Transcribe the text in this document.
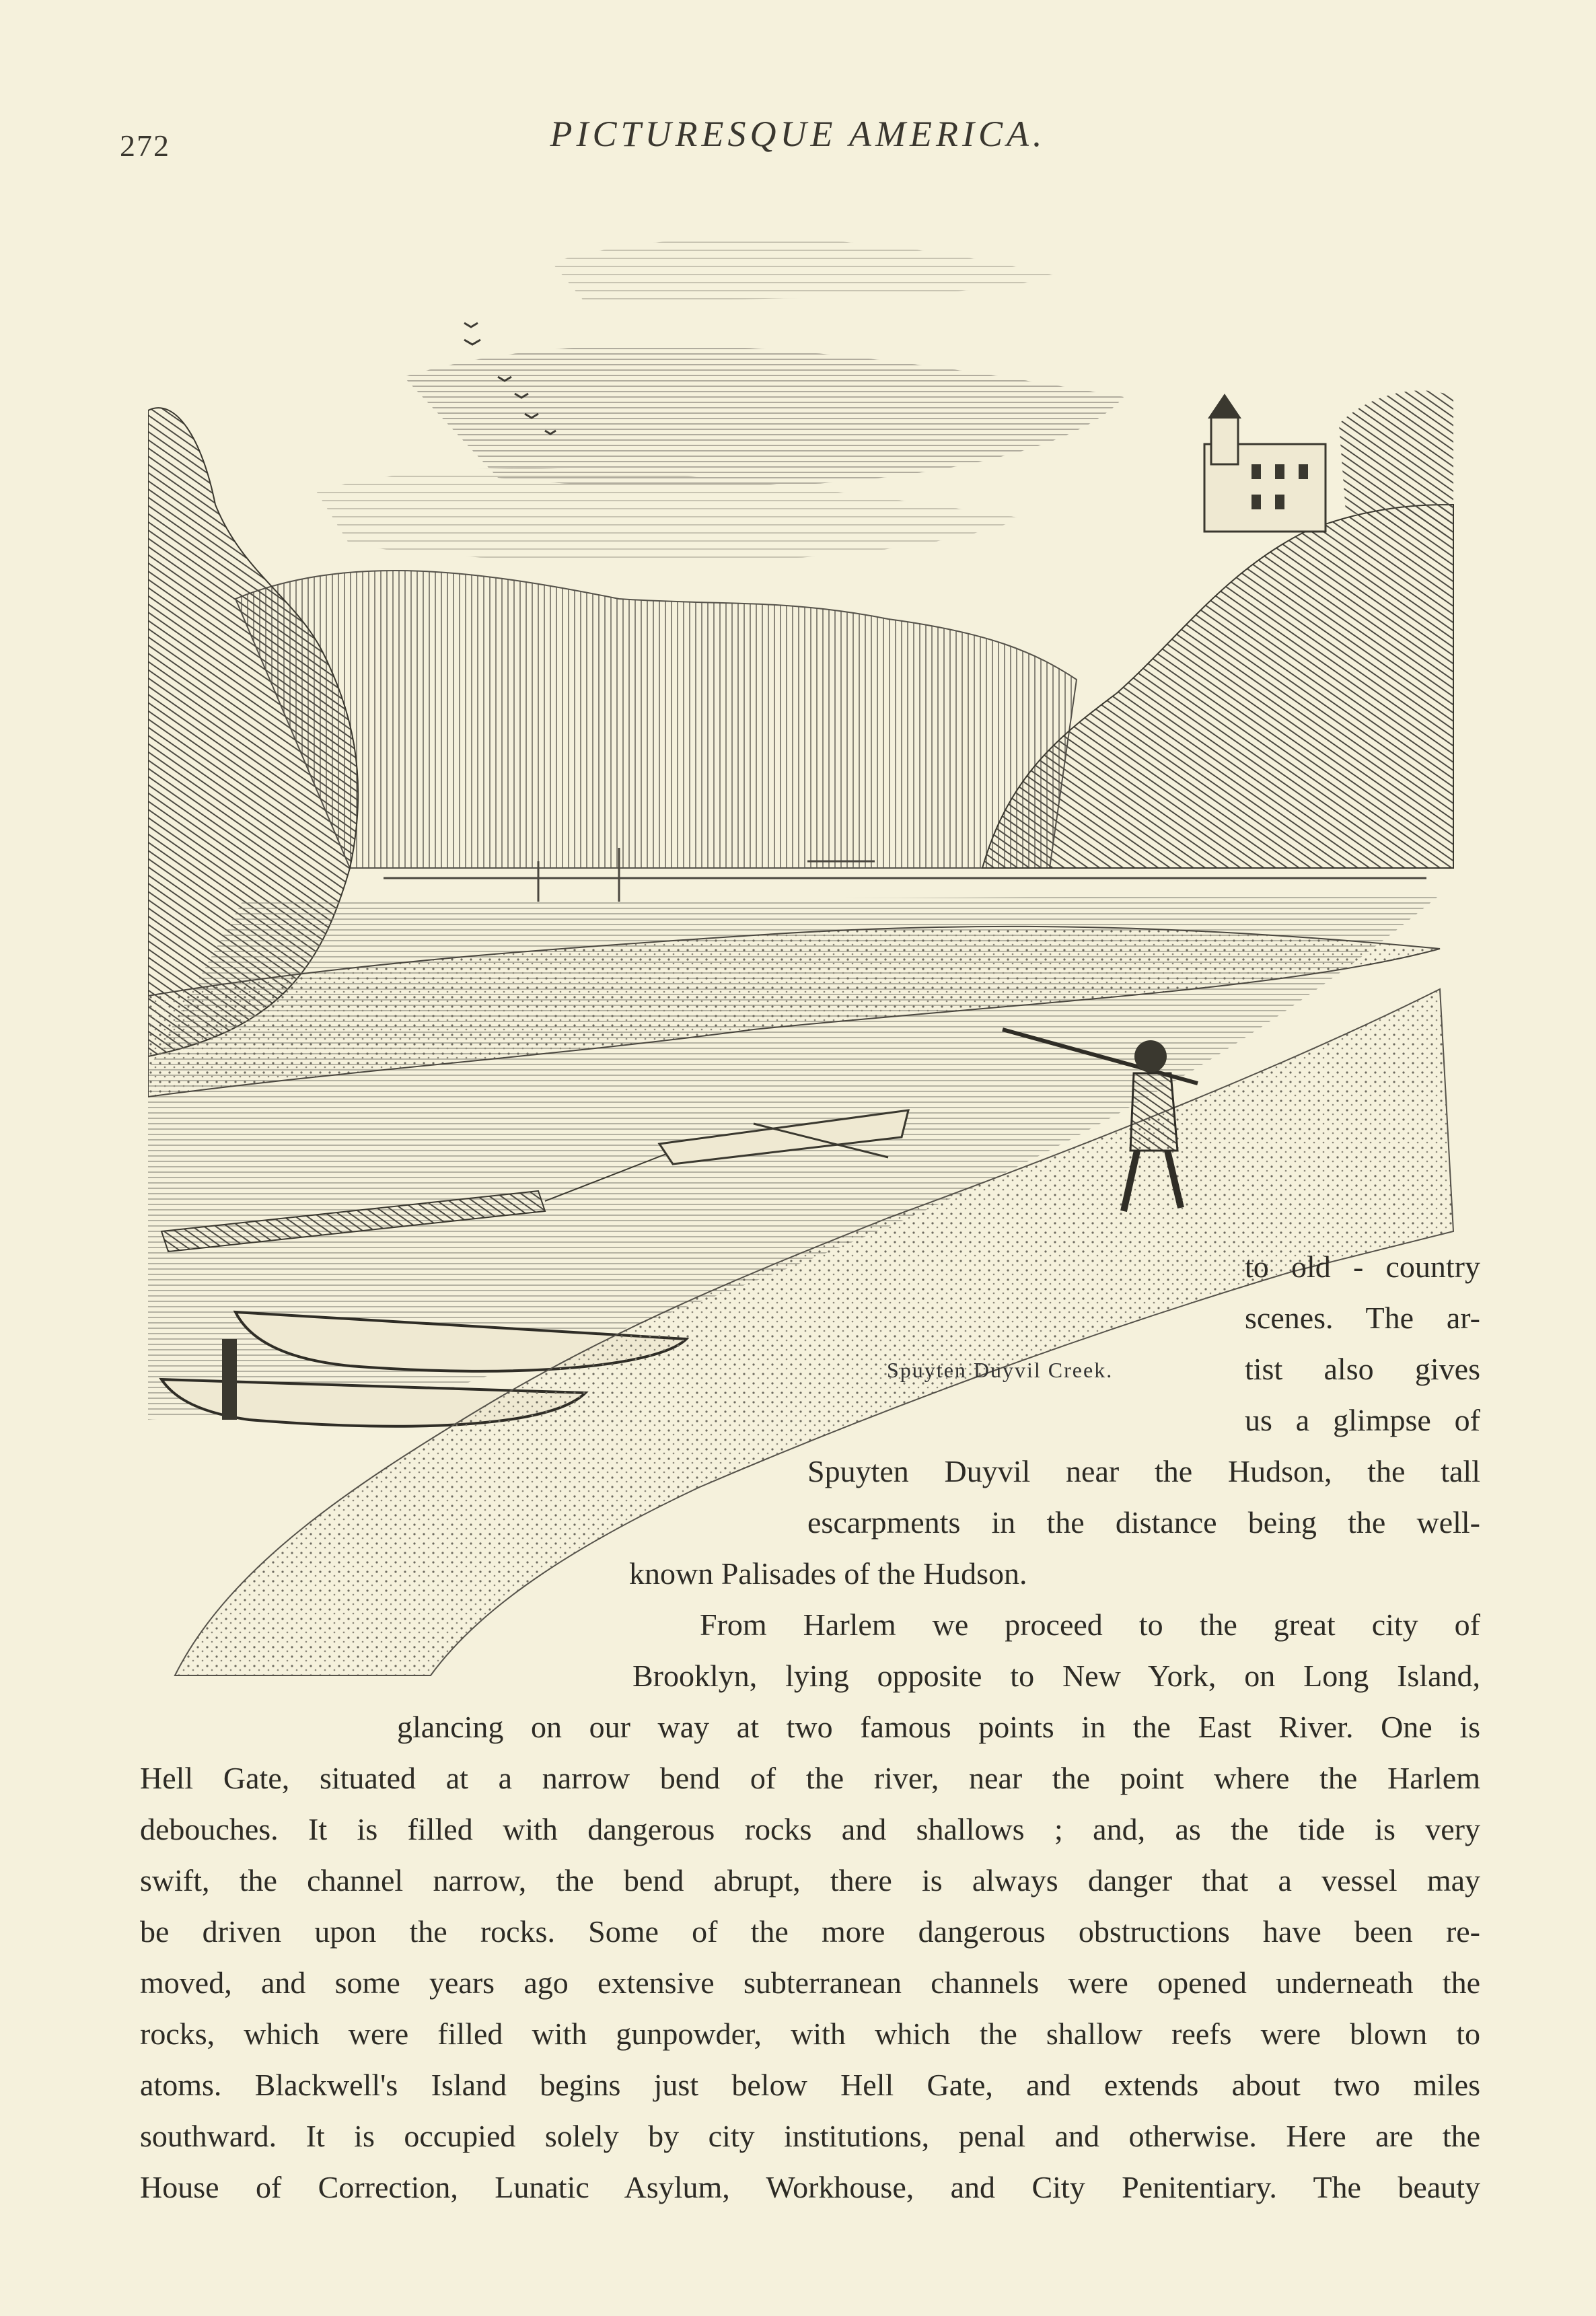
272	PICTURESQUE AMERICA.
Spuyten Duyvil Creek.
to old - country
scenes. The ar-
tist also gives
us a glimpse of
Spuyten Duyvil near the Hudson, the tall
escarpments in the distance being the well-
known Palisades of the Hudson.
From Harlem we proceed to the great city of
Brooklyn, lying opposite to New York, on Long Island,
glancing on our way at two famous points in the East River. One is
Hell Gate, situated at a narrow bend of the river, near the point where the Harlem
debouches. It is filled with dangerous rocks and shallows ; and, as the tide is very
swift, the channel narrow, the bend abrupt, there is always danger that a vessel may
be driven upon the rocks. Some of the more dangerous obstructions have been re-
moved, and some years ago extensive subterranean channels were opened underneath the
rocks, which were filled with gunpowder, with which the shallow reefs were blown to
atoms. Blackwell's Island begins just below Hell Gate, and extends about two miles
southward. It is occupied solely by city institutions, penal and otherwise. Here are the
House of Correction, Lunatic Asylum, Workhouse, and City Penitentiary. The beauty
